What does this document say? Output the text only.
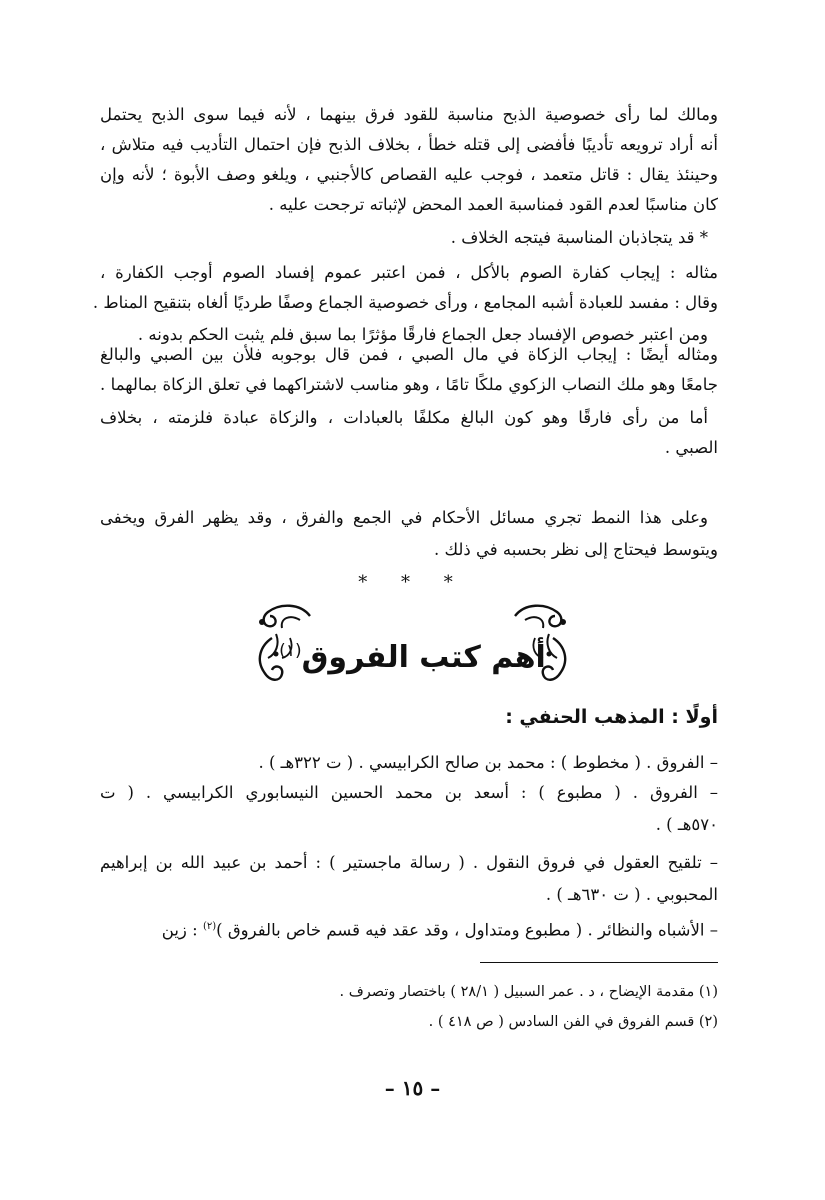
ومالك لما رأى خصوصية الذبح مناسبة للقود فرق بينهما ، لأنه فيما سوى الذبح يحتمل
أنه أراد ترويعه تأديبًا فأفضى إلى قتله خطأ ، بخلاف الذبح فإن احتمال التأديب فيه متلاش ،
وحينئذ يقال : قاتل متعمد ، فوجب عليه القصاص كالأجنبي ، ويلغو وصف الأبوة ؛ لأنه وإن
كان مناسبًا لعدم القود فمناسبة العمد المحض لإثباته ترجحت عليه .
* قد يتجاذبان المناسبة فيتجه الخلاف .
مثاله : إيجاب كفارة الصوم بالأكل ، فمن اعتبر عموم إفساد الصوم أوجب الكفارة ،
وقال : مفسد للعبادة أشبه المجامع ، ورأى خصوصية الجماع وصفًا طرديًا ألغاه بتنقيح المناط .
ومن اعتبر خصوص الإفساد جعل الجماع فارقًا مؤثرًا بما سبق فلم يثبت الحكم بدونه .
ومثاله أيضًا : إيجاب الزكاة في مال الصبي ، فمن قال بوجوبه فلأن بين الصبي والبالغ
جامعًا وهو ملك النصاب الزكوي ملكًا تامًا ، وهو مناسب لاشتراكهما في تعلق الزكاة بمالهما .
أما من رأى فارقًا وهو كون البالغ مكلفًا بالعبادات ، والزكاة عبادة فلزمته ، بخلاف
الصبي .
وعلى هذا النمط تجري مسائل الأحكام في الجمع والفرق ، وقد يظهر الفرق ويخفى
ويتوسط فيحتاج إلى نظر بحسبه في ذلك .
* * *
أهم كتب الفروق$^{(١)}$
أولًا : المذهب الحنفي :
– الفروق . ( مخطوط ) : محمد بن صالح الكرابيسي . ( ت ٣٢٢هـ ) .
– الفروق . ( مطبوع ) : أسعد بن محمد الحسين النيسابوري الكرابيسي . ( ت
٥٧٠هـ ) .
– تلقيح العقول في فروق النقول . ( رسالة ماجستير ) : أحمد بن عبيد الله بن إبراهيم
المحبوبي . ( ت ٦٣٠هـ ) .
– الأشباه والنظائر . ( مطبوع ومتداول ، وقد عقد فيه قسم خاص بالفروق )$^{(٢)}$ : زين
(١) مقدمة الإيضاح ، د . عمر السبيل ( ٢٨/١ ) باختصار وتصرف .
(٢) قسم الفروق في الفن السادس ( ص ٤١٨ ) .
– ١٥ –
